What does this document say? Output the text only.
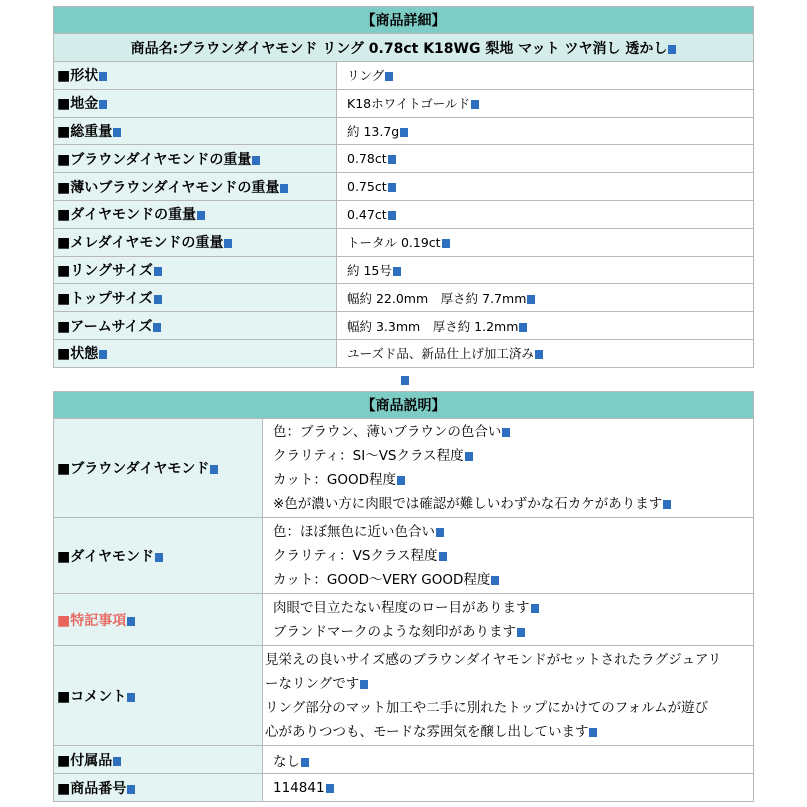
【商品詳細】	
商品名:ブラウンダイヤモンド リング 0.78ct K18WG 梨地 マット ツヤ消し 透かし	
■形状	リング
■地金	K18ホワイトゴールド
■総重量	約 13.7g
■ブラウンダイヤモンドの重量	0.78ct
■薄いブラウンダイヤモンドの重量	0.75ct
■ダイヤモンドの重量	0.47ct
■メレダイヤモンドの重量	トータル 0.19ct
■リングサイズ	約 15号
■トップサイズ	幅約 22.0mm　厚さ約 7.7mm
■アームサイズ	幅約 3.3mm　厚さ約 1.2mm
■状態	ユーズド品、新品仕上げ加工済み
【商品説明】	
■ブラウンダイヤモンド	色：ブラウン、薄いブラウンの色合い
クラリティ：SI～VSクラス程度
カット：GOOD程度
※色が濃い方に肉眼では確認が難しいわずかな石カケがあります

■ダイヤモンド	色：ほぼ無色に近い色合い
クラリティ：VSクラス程度
カット：GOOD～VERY GOOD程度

■特記事項	肉眼で目立たない程度のロー目があります
ブランドマークのような刻印があります

■コメント	見栄えの良いサイズ感のブラウンダイヤモンドがセットされたラグジュアリ
ーなリングです
リング部分のマット加工や二手に別れたトップにかけてのフォルムが遊び
心がありつつも、モードな雰囲気を醸し出しています

■付属品	なし
■商品番号	114841
